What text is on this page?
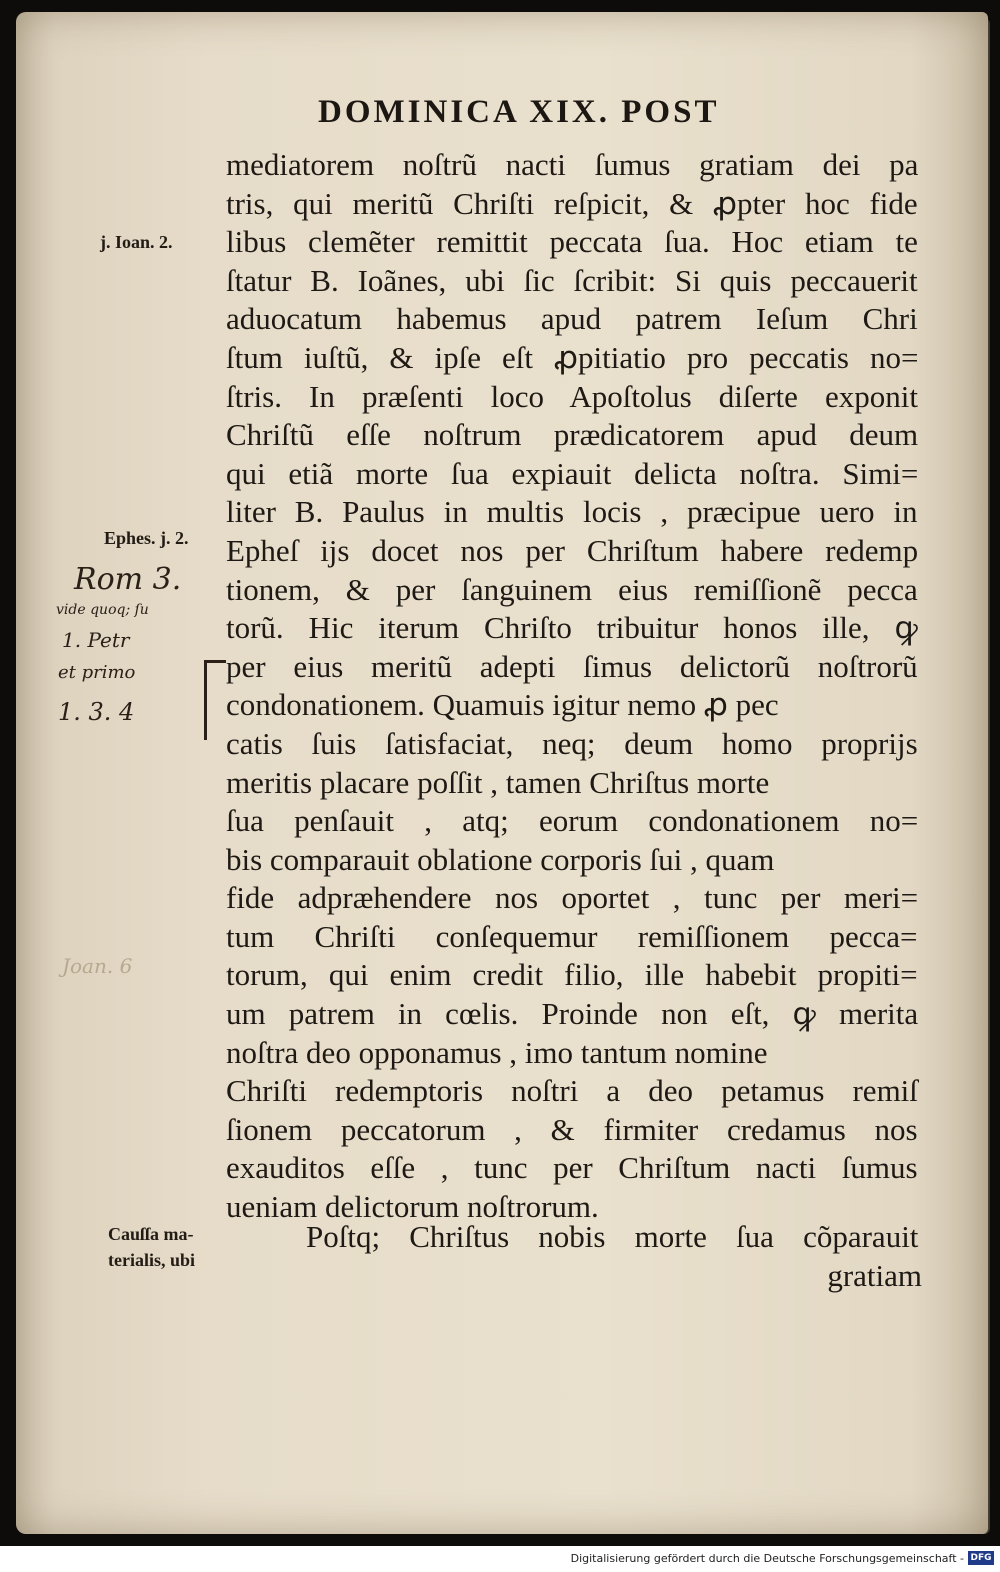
DOMINICA XIX. POST
mediatorem noſtrũ nacti ſumus gratiam dei pa
tris, qui meritũ Chriſti reſpicit, & ꝓpter hoc fide
libus clemẽter remittit peccata ſua. Hoc etiam te
ſtatur B. Ioãnes, ubi ſic ſcribit: Si quis peccauerit
aduocatum habemus apud patrem Ieſum Chri
ſtum iuſtũ, & ipſe eſt ꝓpitiatio pro peccatis no=
ſtris. In præſenti loco Apoſtolus diſerte exponit
Chriſtũ eſſe noſtrum prædicatorem apud deum
qui etiã morte ſua expiauit delicta noſtra. Simi=
liter B. Paulus in multis locis , præcipue uero in
Epheſ ijs docet nos per Chriſtum habere redemp
tionem, & per ſanguinem eius remiſſionẽ pecca
torũ. Hic iterum Chriſto tribuitur honos ille, ꝙ
per eius meritũ adepti ſimus delictorũ noſtrorũ
condonationem. Quamuis igitur nemo ꝓ pec
catis ſuis ſatisfaciat, neq; deum homo proprijs
meritis placare poſſit , tamen Chriſtus morte
ſua penſauit , atq; eorum condonationem no=
bis comparauit oblatione corporis ſui , quam
fide adpræhendere nos oportet , tunc per meri=
tum Chriſti conſequemur remiſſionem pecca=
torum, qui enim credit filio, ille habebit propiti=
um patrem in cœlis. Proinde non eſt, ꝙ merita
noſtra deo opponamus , imo tantum nomine
Chriſti redemptoris noſtri a deo petamus remiſ
ſionem peccatorum , & firmiter credamus nos
exauditos eſſe , tunc per Chriſtum nacti ſumus
ueniam delictorum noſtrorum.
Poſtq; Chriſtus nobis morte ſua cõparauit
gratiam
j. Ioan. 2.
Ephes. j. 2.
Cauſſa ma-
terialis, ubi
Rom 3.
vide quoq; ſu
1. Petr
et primo
1. 3. 4
Joan. 6
Digitalisierung gefördert durch die Deutsche Forschungsgemeinschaft - DFG
